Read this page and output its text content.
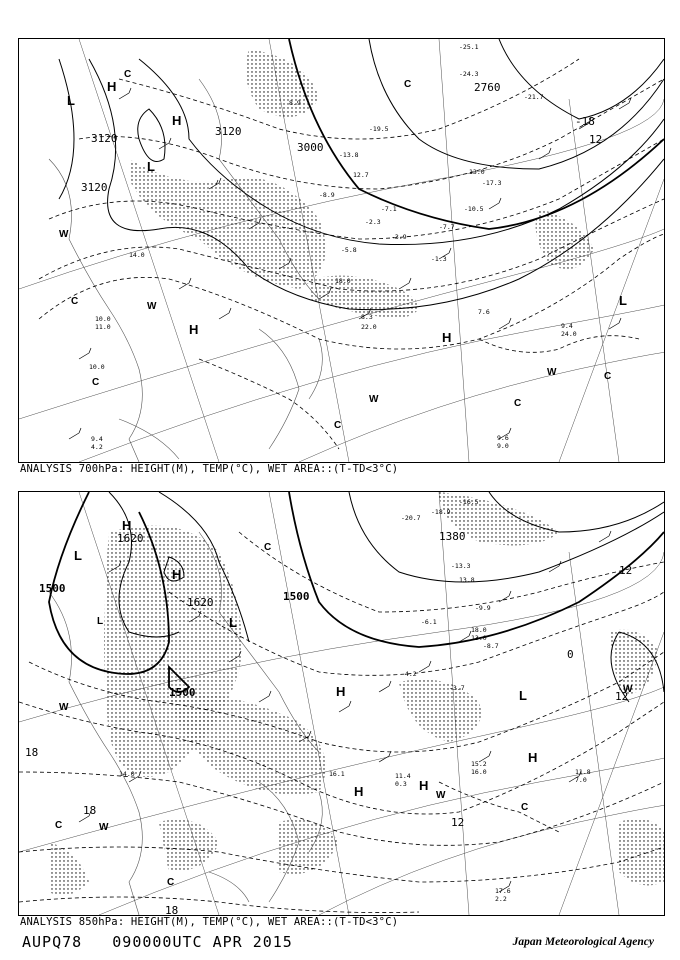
L
H
H
L
C
C
W
W
C
H
H
L
C
W
C
C
W
C
3120
3120
3120
3000
2760
-18
12
-25.1
-24.3
-19.5
-21.7
8.9
13.0
-13.8
12.7
-17.3
-10.5
-7.7
-3.9
-5.8
-1.3
7.6
9.4
24.0
10.0
11.0
8.3
22.0
9.6
9.0
10.0
14.0
9.4
4.2
-2.3
18.0
-8.9
-7.1
ANALYSIS 700hPa: HEIGHT(M), TEMP(°C), WET AREA::(T-TD<3°C)
L
H
H
L
C
W
H
H	H
H
L
W
C
W
W
C
C
L
1500
1500
1620
1620
1380
1500
18
18
18
12
12
12
0
-16.5
-18.9
-20.7
-13.3
-9.9
-6.1
-4.2
-3.7
13.8
15.2
16.0	11.8
7.0
17.6
2.2
18.0
13.0
-8.7
14.0	16.1	11.4
0.3
ANALYSIS 850hPa: HEIGHT(M), TEMP(°C), WET AREA::(T-TD<3°C)
AUPQ78 090000UTC APR 2015	Japan Meteorological Agency
